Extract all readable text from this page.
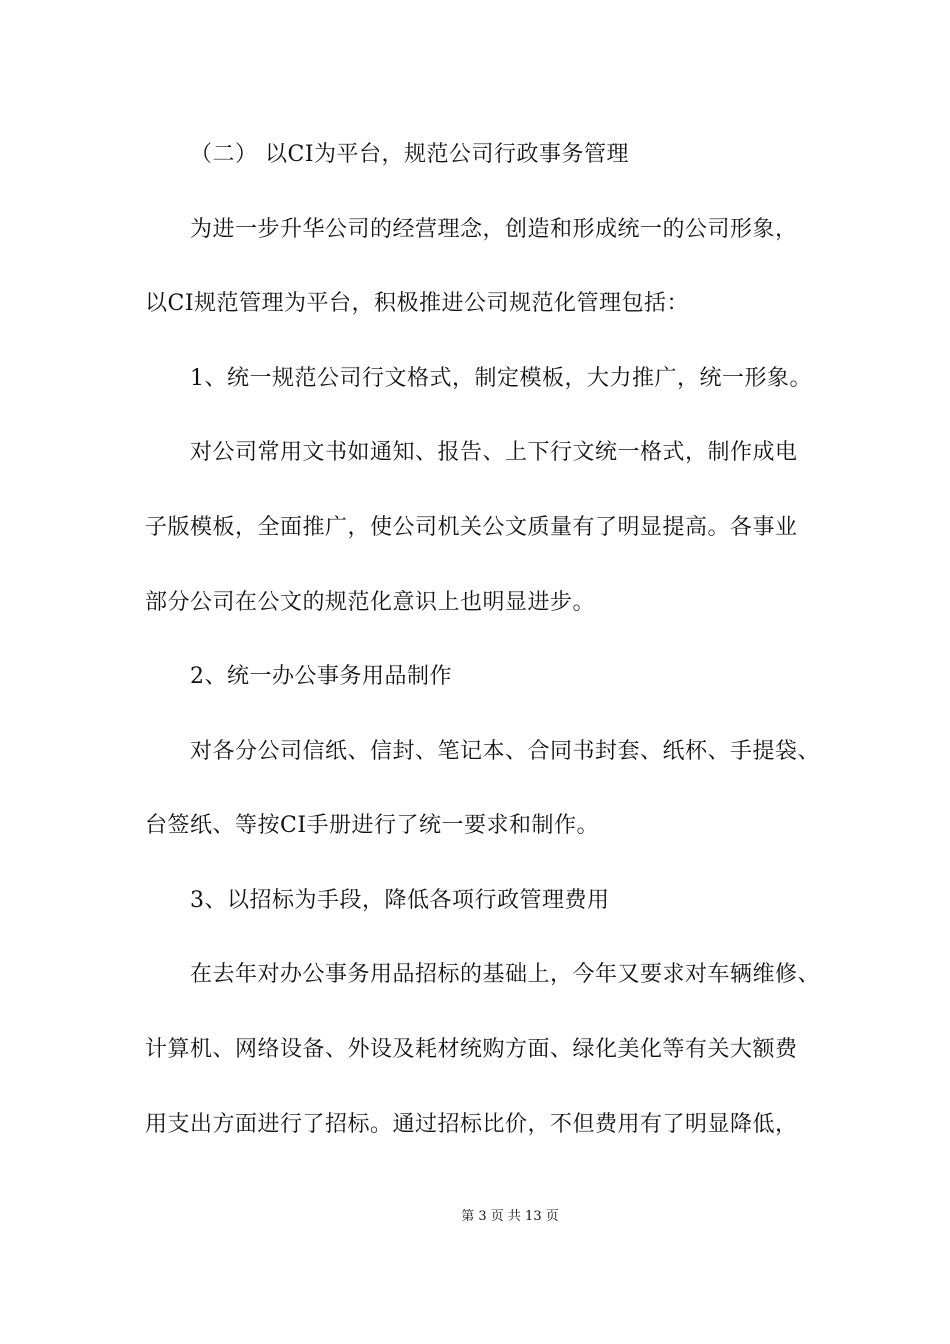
（二） 以CI为平台，规范公司行政事务管理
为进一步升华公司的经营理念，创造和形成统一的公司形象，
以CI规范管理为平台，积极推进公司规范化管理包括：
1、统一规范公司行文格式，制定模板，大力推广，统一形象。
对公司常用文书如通知、报告、上下行文统一格式，制作成电
子版模板，全面推广，使公司机关公文质量有了明显提高。各事业
部分公司在公文的规范化意识上也明显进步。
2、统一办公事务用品制作
对各分公司信纸、信封、笔记本、合同书封套、纸杯、手提袋、
台签纸、等按CI手册进行了统一要求和制作。
3、以招标为手段，降低各项行政管理费用
在去年对办公事务用品招标的基础上，今年又要求对车辆维修、
计算机、网络设备、外设及耗材统购方面、绿化美化等有关大额费
用支出方面进行了招标。通过招标比价，不但费用有了明显降低，
第 3 页 共 13 页
